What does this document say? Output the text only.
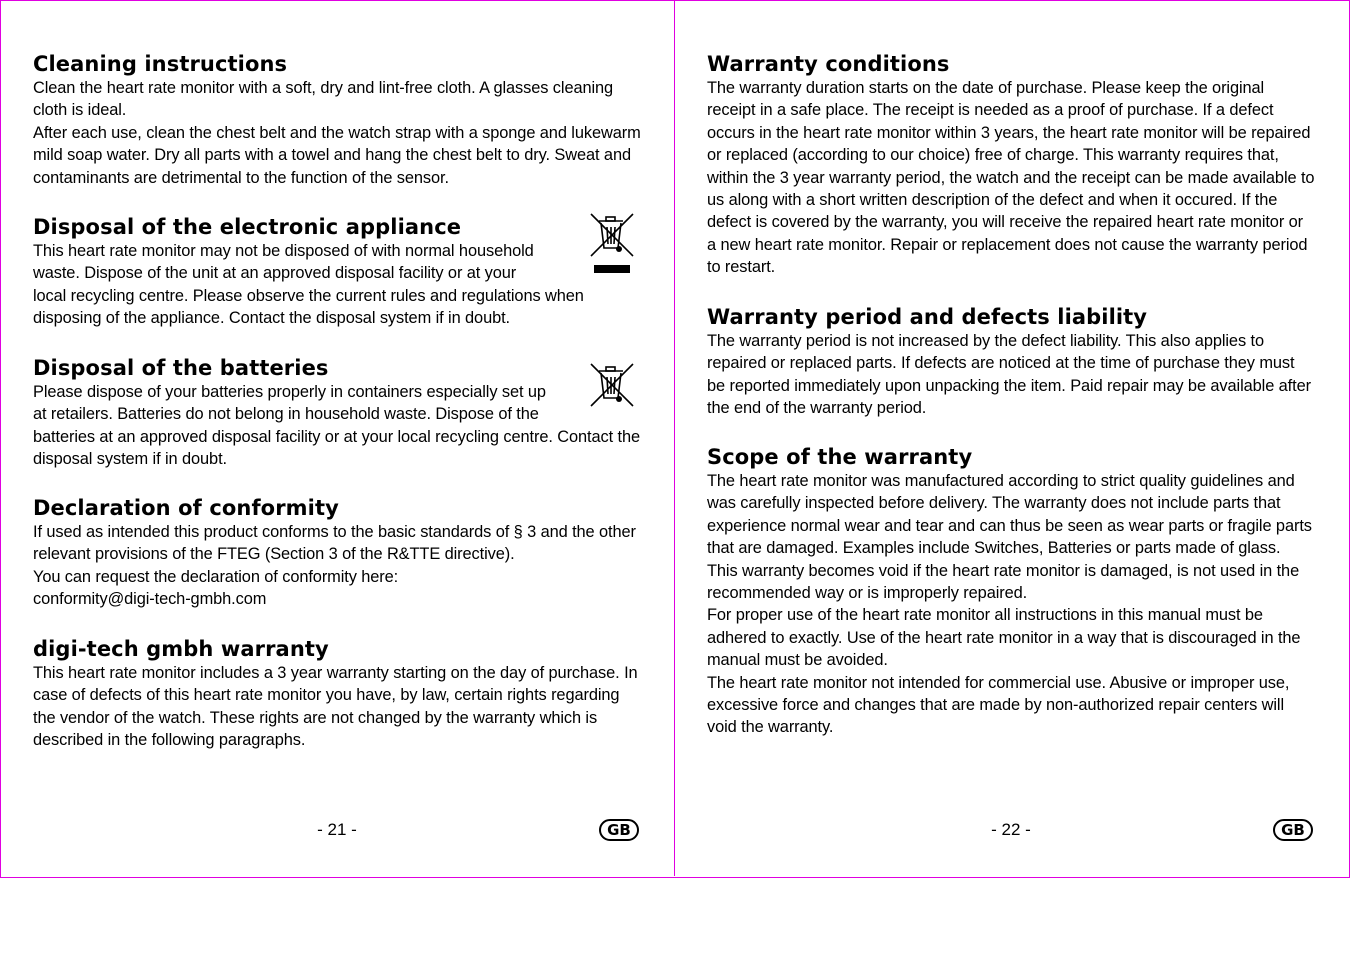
Cleaning instructions

Clean the heart rate monitor with a soft, dry and lint-free cloth. A glasses cleaning cloth is ideal.

After each use, clean the chest belt and the watch strap with a sponge and lukewarm mild soap water. Dry all parts with a towel and hang the chest belt to dry. Sweat and contaminants are detrimental to the function of the sensor.

Disposal of the electronic appliance

This heart rate monitor may not be disposed of with normal household waste. Dispose of the unit at an approved disposal facility or at your

local recycling centre. Please observe the current rules and regulations when disposing of the appliance. Contact the disposal system if in doubt.

Disposal of the batteries

Please dispose of your batteries properly in containers especially set up at retailers. Batteries do not belong in household waste. Dispose of the

batteries at an approved disposal facility or at your local recycling centre. Contact the disposal system if in doubt.

Declaration of conformity

If used as intended this product conforms to the basic standards of § 3 and the other relevant provisions of the FTEG (Section 3 of the R&TTE directive).

You can request the declaration of conformity here:

conformity@digi-tech-gmbh.com

digi-tech gmbh warranty

This heart rate monitor includes a 3 year warranty starting on the day of purchase. In case of defects of this heart rate monitor you have, by law, certain rights regarding the vendor of the watch. These rights are not changed by the warranty which is described in the following paragraphs.

- 21 -	GB
Warranty conditions

The warranty duration starts on the date of purchase. Please keep the original receipt in a safe place. The receipt is needed as a proof of purchase. If a defect occurs in the heart rate monitor within 3 years, the heart rate monitor will be repaired or replaced (according to our choice) free of charge. This warranty requires that, within the 3 year warranty period, the watch and the receipt can be made available to us along with a short written description of the defect and when it occured. If the defect is covered by the warranty, you will receive the repaired heart rate monitor or a new heart rate monitor. Repair or replacement does not cause the warranty period to restart.

Warranty period and defects liability

The warranty period is not increased by the defect liability. This also applies to repaired or replaced parts. If defects are noticed at the time of purchase they must be reported immediately upon unpacking the item. Paid repair may be available after the end of the warranty period.

Scope of the warranty

The heart rate monitor was manufactured according to strict quality guidelines and was carefully inspected before delivery. The warranty does not include parts that experience normal wear and tear and can thus be seen as wear parts or fragile parts that are damaged. Examples include Switches, Batteries or parts made of glass.

This warranty becomes void if the heart rate monitor is damaged, is not used in the recommended way or is improperly repaired.

For proper use of the heart rate monitor all instructions in this manual must be adhered to exactly. Use of the heart rate monitor in a way that is discouraged in the manual must be avoided.

The heart rate monitor not intended for commercial use. Abusive or improper use, excessive force and changes that are made by non-authorized repair centers will void the warranty.

- 22 -	GB
